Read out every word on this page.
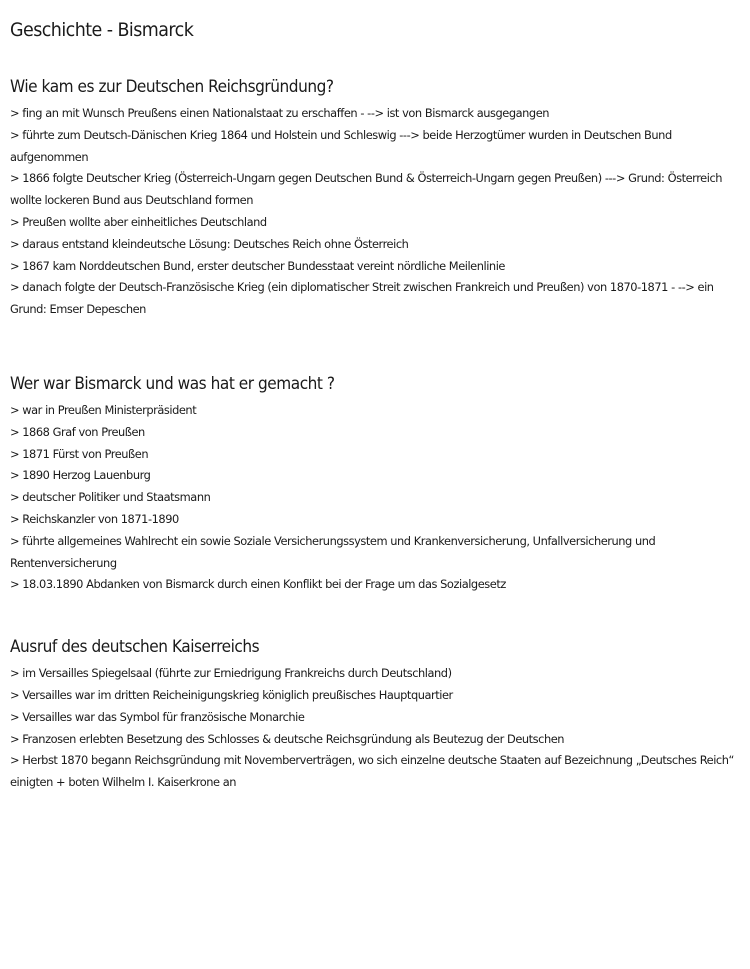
Geschichte - Bismarck
Wie kam es zur Deutschen Reichsgründung?
> fing an mit Wunsch Preußens einen Nationalstaat zu erschaffen - --> ist von Bismarck ausgegangen
> führte zum Deutsch-Dänischen Krieg 1864 und Holstein und Schleswig ---> beide Herzogtümer wurden in Deutschen Bund aufgenommen
> 1866 folgte Deutscher Krieg (Österreich-Ungarn gegen Deutschen Bund & Österreich-Ungarn gegen Preußen) ---> Grund: Österreich wollte lockeren Bund aus Deutschland formen
> Preußen wollte aber einheitliches Deutschland
> daraus entstand kleindeutsche Lösung: Deutsches Reich ohne Österreich
> 1867 kam Norddeutschen Bund, erster deutscher Bundesstaat vereint nördliche Meilenlinie
> danach folgte der Deutsch-Französische Krieg (ein diplomatischer Streit zwischen Frankreich und Preußen) von 1870-1871 - --> ein Grund: Emser Depeschen
Wer war Bismarck und was hat er gemacht ?
> war in Preußen Ministerpräsident
> 1868 Graf von Preußen
> 1871 Fürst von Preußen
> 1890 Herzog Lauenburg
> deutscher Politiker und Staatsmann
> Reichskanzler von 1871-1890
> führte allgemeines Wahlrecht ein sowie Soziale Versicherungssystem und Krankenversicherung, Unfallversicherung und Rentenversicherung
> 18.03.1890 Abdanken von Bismarck durch einen Konflikt bei der Frage um das Sozialgesetz
Ausruf des deutschen Kaiserreichs
> im Versailles Spiegelsaal (führte zur Erniedrigung Frankreichs durch Deutschland)
> Versailles war im dritten Reicheinigungskrieg königlich preußisches Hauptquartier
> Versailles war das Symbol für französische Monarchie
> Franzosen erlebten Besetzung des Schlosses & deutsche Reichsgründung als Beutezug der Deutschen
> Herbst 1870 begann Reichsgründung mit Novemberverträgen, wo sich einzelne deutsche Staaten auf Bezeichnung „Deutsches Reich“ einigten + boten Wilhelm I. Kaiserkrone an
